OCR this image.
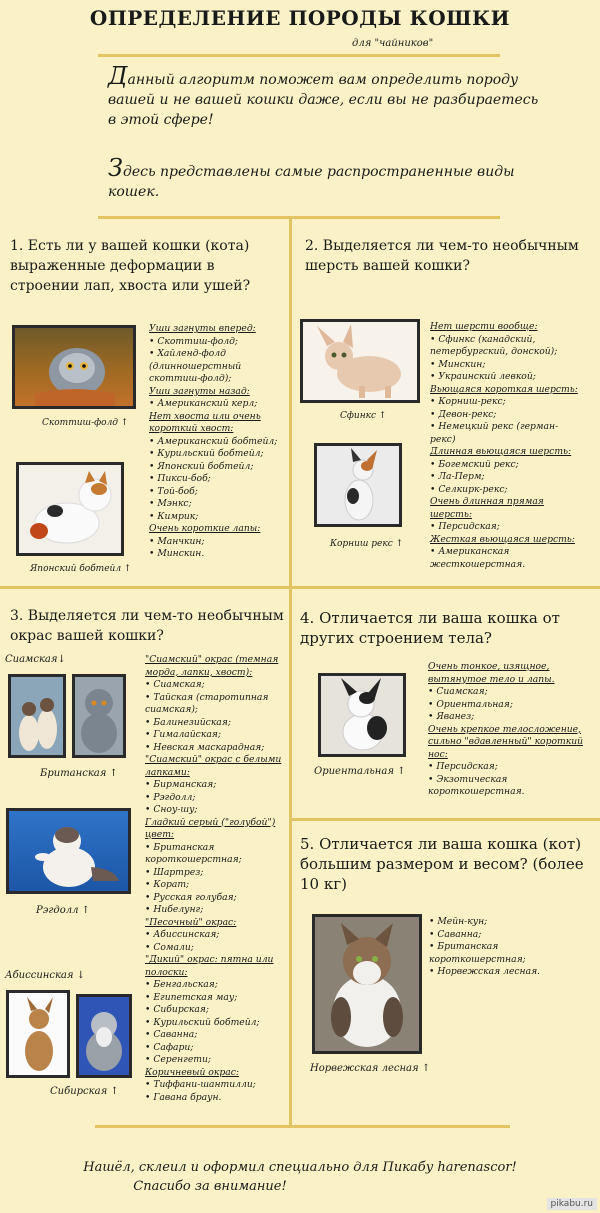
ОПРЕДЕЛЕНИЕ ПОРОДЫ КОШКИ
для "чайников"
Данный алгоритм поможет вам определить породу вашей и не вашей кошки даже, если вы не разбираетесь в этой сфере!
Здесь представлены самые распространенные виды кошек.
1. Есть ли у вашей кошки (кота) выраженные деформации в строении лап, хвоста или ушей?
Скоттиш-фолд ↑
Японский бобтейл ↑
Уши загнуты вперед:
• Скоттиш-фолд;
• Хайленд-фолд (длинношерстный скоттиш-фолд);
Уши загнуты назад:
• Американский керл;
Нет хвоста или очень короткий хвост:
• Американский бобтейл;
• Курильский бобтейл;
• Японский бобтейл;
• Пикси-боб;
• Той-боб;
• Мэнкс;
• Кимрик;
Очень короткие лапы:
• Манчкин;
• Минскин.
2. Выделяется ли чем-то необычным шерсть вашей кошки?
Сфинкс ↑
Корниш рекс ↑
Нет шерсти вообще:
• Сфинкс (канадский, петербургский, донской);
• Минскин;
• Украинский левкой;
Вьющаяся короткая шерсть:
• Корниш-рекс;
• Девон-рекс;
• Немецкий рекс (герман-рекс)
Длинная вьющаяся шерсть:
• Богемский рекс;
• Ла-Перм;
• Селкирк-рекс;
Очень длинная прямая шерсть:
• Персидская;
Жесткая вьющаяся шерсть:
• Американская жесткошерстная.
3. Выделяется ли чем-то необычным окрас вашей кошки?
Сиамская↓
Британская ↑
Рэгдолл ↑
Абиссинская ↓
Сибирская ↑
"Сиамский" окрас (темная морда, лапки, хвост):
• Сиамская;
• Тайская (старотипная сиамская);
• Балинезийская;
• Гималайская;
• Невская маскарадная;
"Сиамский" окрас с белыми лапками:
• Бирманская;
• Рэгдолл;
• Сноу-шу;
Гладкий серый ("голубой") цвет:
• Британская короткошерстная;
• Шартрез;
• Корат;
• Русская голубая;
• Нибелунг;
"Песочный" окрас:
• Абиссинская;
• Сомали;
"Дикий" окрас: пятна или полоски:
• Бенгальская;
• Египетская мау;
• Сибирская;
• Курильский бобтейл;
• Саванна;
• Сафари;
• Серенгети;
Коричневый окрас:
• Тиффани-шантилли;
• Гавана браун.
4. Отличается ли ваша кошка от других строением тела?
Ориентальная ↑
Очень тонкое, изящное, вытянутое тело и лапы.
• Сиамская;
• Ориентальная;
• Яванез;
Очень крепкое телосложение, сильно "вдавленный" короткий нос:
• Персидская;
• Экзотическая короткошерстная.
5. Отличается ли ваша кошка (кот) большим размером и весом? (более 10 кг)
Норвежская лесная ↑
• Мейн-кун;
• Саванна;
• Британская короткошерстная;
• Норвежская лесная.
Нашёл, склеил и оформил специально для Пикабу harenascor!
Спасибо за внимание!
pikabu.ru
